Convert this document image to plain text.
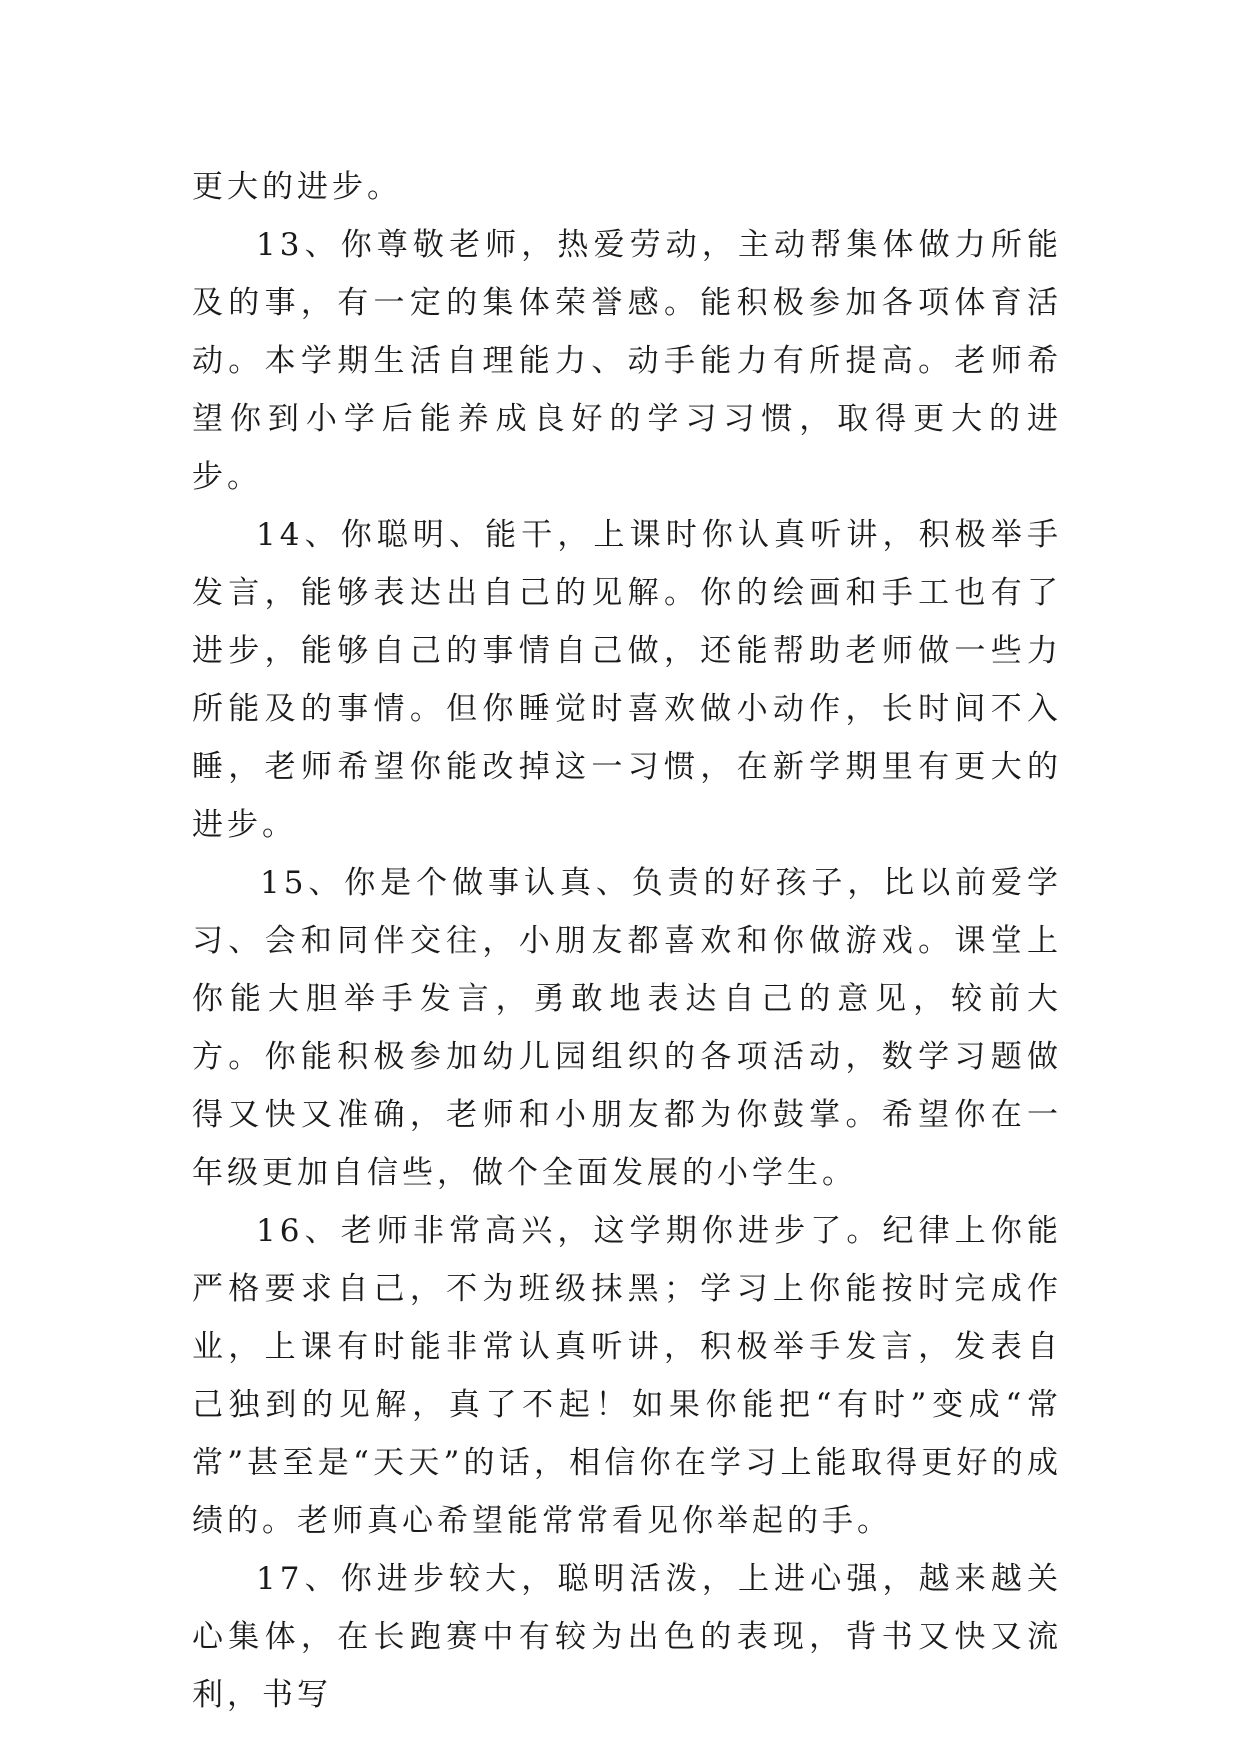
更大的进步。

13、你尊敬老师，热爱劳动，主动帮集体做力所能及的事，有一定的集体荣誉感。能积极参加各项体育活动。本学期生活自理能力、动手能力有所提高。老师希望你到小学后能养成良好的学习习惯，取得更大的进步。

14、你聪明、能干，上课时你认真听讲，积极举手发言，能够表达出自己的见解。你的绘画和手工也有了进步，能够自己的事情自己做，还能帮助老师做一些力所能及的事情。但你睡觉时喜欢做小动作，长时间不入睡，老师希望你能改掉这一习惯，在新学期里有更大的进步。

15、你是个做事认真、负责的好孩子，比以前爱学习、会和同伴交往，小朋友都喜欢和你做游戏。课堂上你能大胆举手发言，勇敢地表达自己的意见，较前大方。你能积极参加幼儿园组织的各项活动，数学习题做得又快又准确，老师和小朋友都为你鼓掌。希望你在一年级更加自信些，做个全面发展的小学生。

16、老师非常高兴，这学期你进步了。纪律上你能严格要求自己，不为班级抹黑；学习上你能按时完成作业，上课有时能非常认真听讲，积极举手发言，发表自己独到的见解，真了不起！如果你能把“有时”变成“常常”甚至是“天天”的话，相信你在学习上能取得更好的成绩的。老师真心希望能常常看见你举起的手。

17、你进步较大，聪明活泼，上进心强，越来越关心集体，在长跑赛中有较为出色的表现，背书又快又流利，书写
